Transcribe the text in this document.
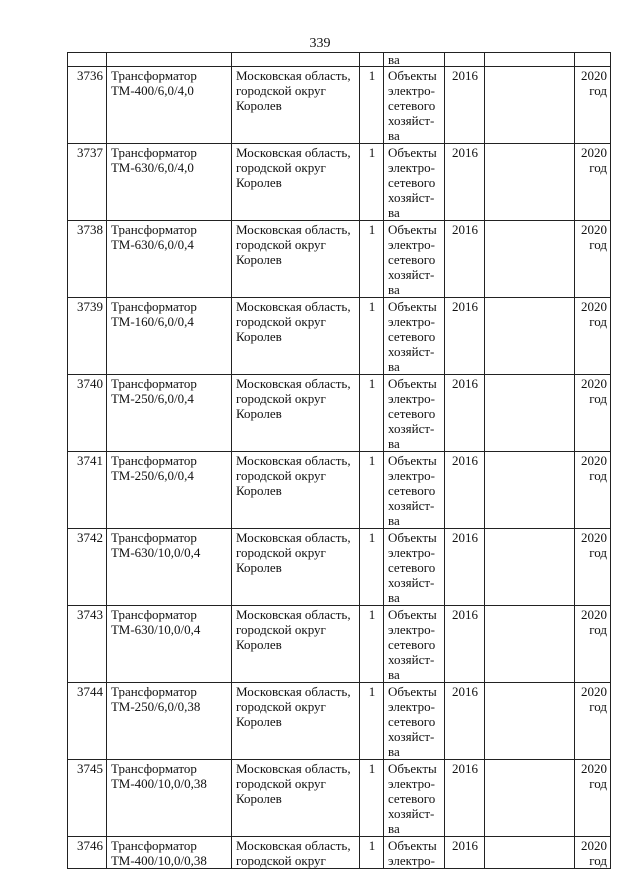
339
				ва			
3736	Трансформатор
ТМ-400/6,0/4,0	Московская область,
городской округ
Королев	1	Объекты
электро-
сетевого
хозяйст-
ва	2016		2020
год

3737	Трансформатор
ТМ-630/6,0/4,0	Московская область,
городской округ
Королев	1	Объекты
электро-
сетевого
хозяйст-
ва	2016		2020
год

3738	Трансформатор
ТМ-630/6,0/0,4	Московская область,
городской округ
Королев	1	Объекты
электро-
сетевого
хозяйст-
ва	2016		2020
год

3739	Трансформатор
ТМ-160/6,0/0,4	Московская область,
городской округ
Королев	1	Объекты
электро-
сетевого
хозяйст-
ва	2016		2020
год

3740	Трансформатор
ТМ-250/6,0/0,4	Московская область,
городской округ
Королев	1	Объекты
электро-
сетевого
хозяйст-
ва	2016		2020
год

3741	Трансформатор
ТМ-250/6,0/0,4	Московская область,
городской округ
Королев	1	Объекты
электро-
сетевого
хозяйст-
ва	2016		2020
год

3742	Трансформатор
ТМ-630/10,0/0,4	Московская область,
городской округ
Королев	1	Объекты
электро-
сетевого
хозяйст-
ва	2016		2020
год

3743	Трансформатор
ТМ-630/10,0/0,4	Московская область,
городской округ
Королев	1	Объекты
электро-
сетевого
хозяйст-
ва	2016		2020
год

3744	Трансформатор
ТМ-250/6,0/0,38	Московская область,
городской округ
Королев	1	Объекты
электро-
сетевого
хозяйст-
ва	2016		2020
год

3745	Трансформатор
ТМ-400/10,0/0,38	Московская область,
городской округ
Королев	1	Объекты
электро-
сетевого
хозяйст-
ва	2016		2020
год

3746	Трансформатор
ТМ-400/10,0/0,38	Московская область,
городской округ	1	Объекты
электро-	2016		2020
год
